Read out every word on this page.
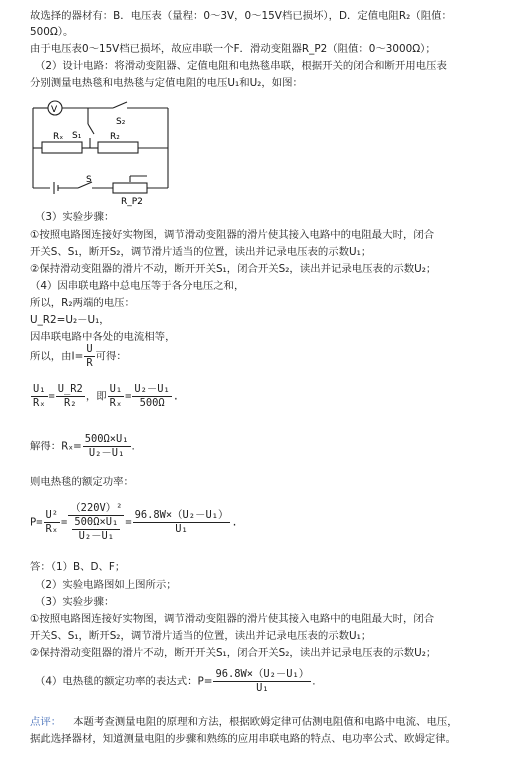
故选择的器材有：B．电压表（量程：0～3V，0～15V档已损坏），D．定值电阻R₂（阻值：
500Ω）。
由于电压表0～15V档已损坏，故应串联一个F．滑动变阻器R_P2（阻值：0～3000Ω）；
（2）设计电路：将滑动变阻器、定值电阻和电热毯串联，根据开关的闭合和断开用电压表
分别测量电热毯和电热毯与定值电阻的电压U₁和U₂，如图：
V
S₂
S₁
Rₓ	R₂
S
R_P2
（3）实验步骤：
①按照电路图连接好实物图，调节滑动变阻器的滑片使其接入电路中的电阻最大时，闭合
开关S、S₁，断开S₂，调节滑片适当的位置，读出并记录电压表的示数U₁；
②保持滑动变阻器的滑片不动，断开开关S₁，闭合开关S₂，读出并记录电压表的示数U₂；
（4）因串联电路中总电压等于各分电压之和，
所以，R₂两端的电压：
U_R2=U₂－U₁，
因串联电路中各处的电流相等，
所以，由$I= \frac{U}{R}$ 可得：
$\frac{\text{U₁}}{\text{Rₓ}} = \frac{U\_R2}{\text{R₂}}$ ，即 $\frac{\text{U₁}}{\text{Rₓ}} = \frac{\text{U₂－U₁}}{500\Omega}$ .
解得：$R_x= \frac{\text{500Ω×U₁}}{\text{U₂－U₁}}$ .
则电热毯的额定功率：
$P= \frac{\text{U²}}{\text{Rₓ}} = \frac{\text{（220V）²}}{\frac{\text{500Ω×U₁}}{\text{U₂－U₁}}} = \frac{\text{96.8W×（U₂－U₁）}}{\text{U₁}}$ .
答：（1）B、D、F；
（2）实验电路图如上图所示；
（3）实验步骤：
①按照电路图连接好实物图，调节滑动变阻器的滑片使其接入电路中的电阻最大时，闭合
开关S、S₁，断开S₂，调节滑片适当的位置，读出并记录电压表的示数U₁；
②保持滑动变阻器的滑片不动，断开开关S₁，闭合开关S₂，读出并记录电压表的示数U₂；
（4）电热毯的额定功率的表达式：$P= \frac{\text{96.8W×（U₂－U₁）}}{\text{U₁}}$ .
点评： 本题考查测量电阻的原理和方法，根据欧姆定律可估测电阻值和电路中电流、电压，
据此选择器材，知道测量电阻的步骤和熟练的应用串联电路的特点、电功率公式、欧姆定律。
